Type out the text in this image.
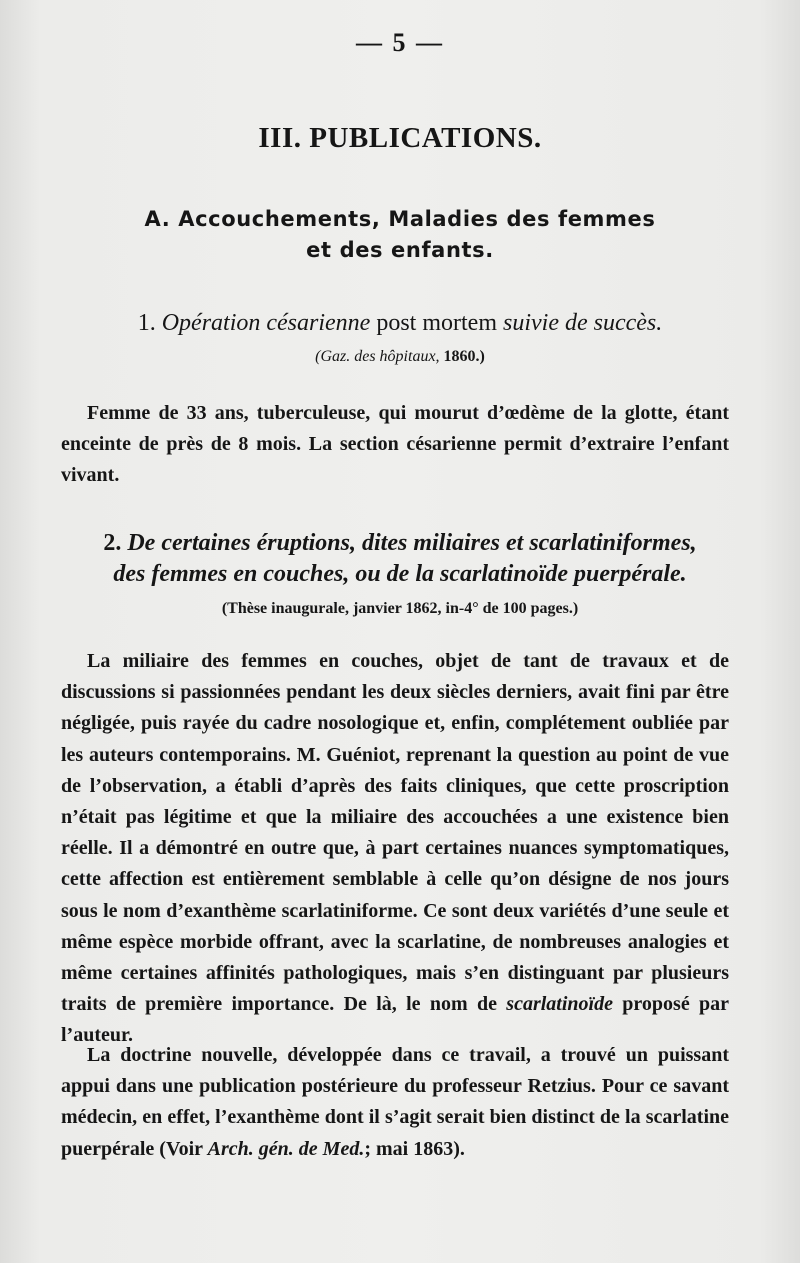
— 5 —
III. PUBLICATIONS.
A. Accouchements, Maladies des femmes
et des enfants.
1. Opération césarienne post mortem suivie de succès.
(Gaz. des hôpitaux, 1860.)
Femme de 33 ans, tuberculeuse, qui mourut d’œdème de la glotte, étant enceinte de près de 8 mois. La section césarienne permit d’extraire l’enfant vivant.
2. De certaines éruptions, dites miliaires et scarlatiniformes,
des femmes en couches, ou de la scarlatinoïde puerpérale.
(Thèse inaugurale, janvier 1862, in-4° de 100 pages.)
La miliaire des femmes en couches, objet de tant de travaux et de discussions si passionnées pendant les deux siècles derniers, avait fini par être négligée, puis rayée du cadre nosologique et, enfin, complétement oubliée par les auteurs contemporains. M. Guéniot, reprenant la question au point de vue de l’observation, a établi d’après des faits cliniques, que cette proscription n’était pas légitime et que la miliaire des accouchées a une existence bien réelle. Il a démontré en outre que, à part certaines nuances symptomatiques, cette affection est entièrement semblable à celle qu’on désigne de nos jours sous le nom d’exanthème scarlatiniforme. Ce sont deux variétés d’une seule et même espèce morbide offrant, avec la scarlatine, de nombreuses analogies et même certaines affinités pathologiques, mais s’en distinguant par plusieurs traits de première importance. De là, le nom de scarlatinoïde proposé par l’auteur.
La doctrine nouvelle, développée dans ce travail, a trouvé un puissant appui dans une publication postérieure du professeur Retzius. Pour ce savant médecin, en effet, l’exanthème dont il s’agit serait bien distinct de la scarlatine puerpérale (Voir Arch. gén. de Med.; mai 1863).
